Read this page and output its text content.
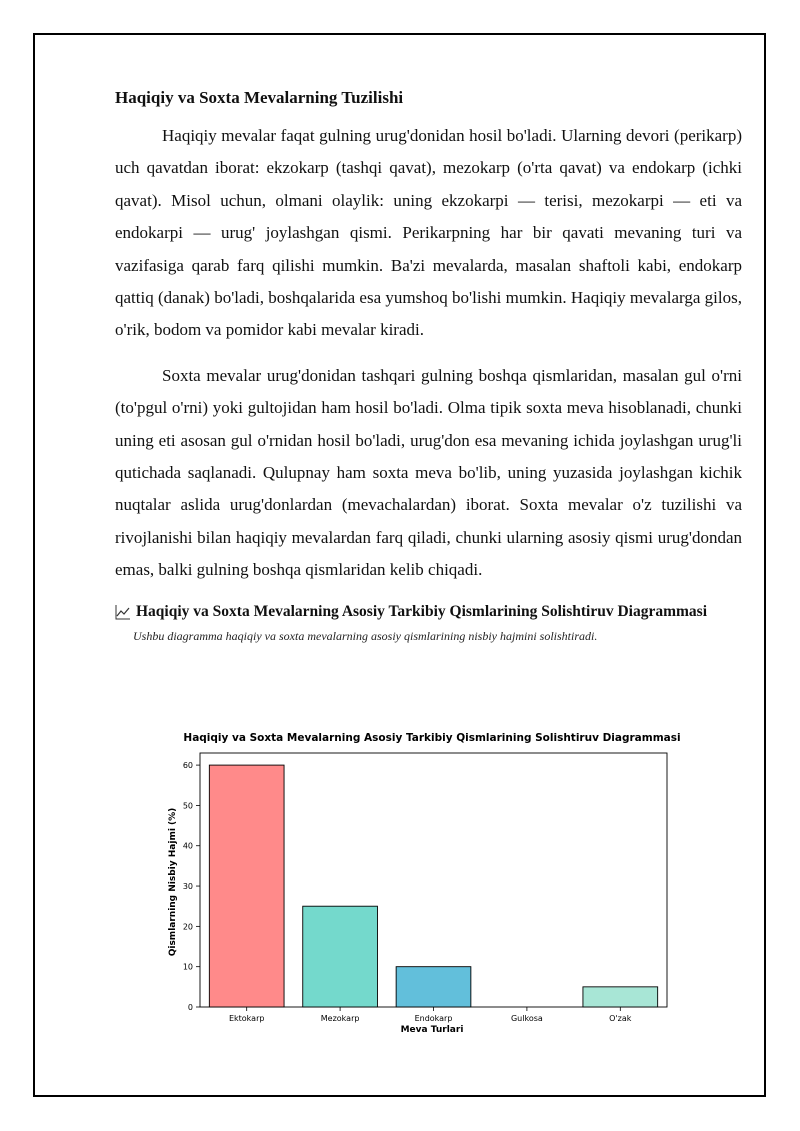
Haqiqiy va Soxta Mevalarning Tuzilishi

Haqiqiy mevalar faqat gulning urug'donidan hosil bo'ladi. Ularning devori (perikarp) uch qavatdan iborat: ekzokarp (tashqi qavat), mezokarp (o'rta qavat) va endokarp (ichki qavat). Misol uchun, olmani olaylik: uning ekzokarpi — terisi, mezokarpi — eti va endokarpi — urug' joylashgan qismi. Perikarpning har bir qavati mevaning turi va vazifasiga qarab farq qilishi mumkin. Ba'zi mevalarda, masalan shaftoli kabi, endokarp qattiq (danak) bo'ladi, boshqalarida esa yumshoq bo'lishi mumkin. Haqiqiy mevalarga gilos, o'rik, bodom va pomidor kabi mevalar kiradi.

Soxta mevalar urug'donidan tashqari gulning boshqa qismlaridan, masalan gul o'rni (to'pgul o'rni) yoki gultojidan ham hosil bo'ladi. Olma tipik soxta meva hisoblanadi, chunki uning eti asosan gul o'rnidan hosil bo'ladi, urug'don esa mevaning ichida joylashgan urug'li qutichada saqlanadi. Qulupnay ham soxta meva bo'lib, uning yuzasida joylashgan kichik nuqtalar aslida urug'donlardan (mevachalardan) iborat. Soxta mevalar o'z tuzilishi va rivojlanishi bilan haqiqiy mevalardan farq qiladi, chunki ularning asosiy qismi urug'dondan emas, balki gulning boshqa qismlaridan kelib chiqadi.

Haqiqiy va Soxta Mevalarning Asosiy Tarkibiy Qismlarining Solishtiruv Diagrammasi
Ushbu diagramma haqiqiy va soxta mevalarning asosiy qismlarining nisbiy hajmini solishtiradi.
Haqiqiy va Soxta Mevalarning Asosiy Tarkibiy Qismlarining Solishtiruv Diagrammasi
Meva Turlari
Qismlarning Nisbiy Hajmi (%)
0
10
20
30
40
50
60
Ektokarp	Mezokarp	Endokarp	Gulkosa	O'zak
